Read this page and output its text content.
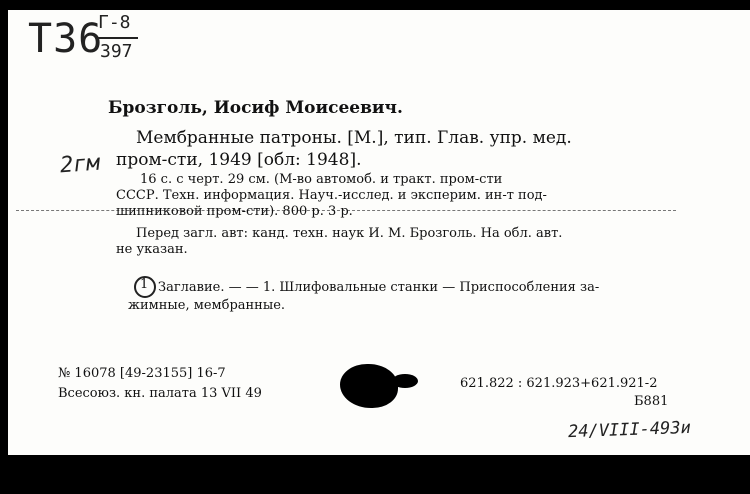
T36
Г-8
397
2гм
Брозголь, Иосиф Моисеевич.
Мембранные патроны. [М.], тип. Глав. упр. мед.
пром-сти, 1949 [обл: 1948].
16 с. с черт. 29 см. (М-во автомоб. и тракт. пром-сти
СССР. Техн. информация. Науч.-исслед. и эксперим. ин-т под-
шипниковой пром-сти). 800 р. 3 р.
Перед загл. авт: канд. техн. наук И. М. Брозголь. На обл. авт.
не указан.
1 Заглавие. — — 1. Шлифовальные станки — Приспособления за-
жимные, мембранные.
№ 16078 [49-23155] 16-7
Всесоюз. кн. палата 13 VII 49
621.822 : 621.923+621.921-2
Б881
24/VIII-493и
